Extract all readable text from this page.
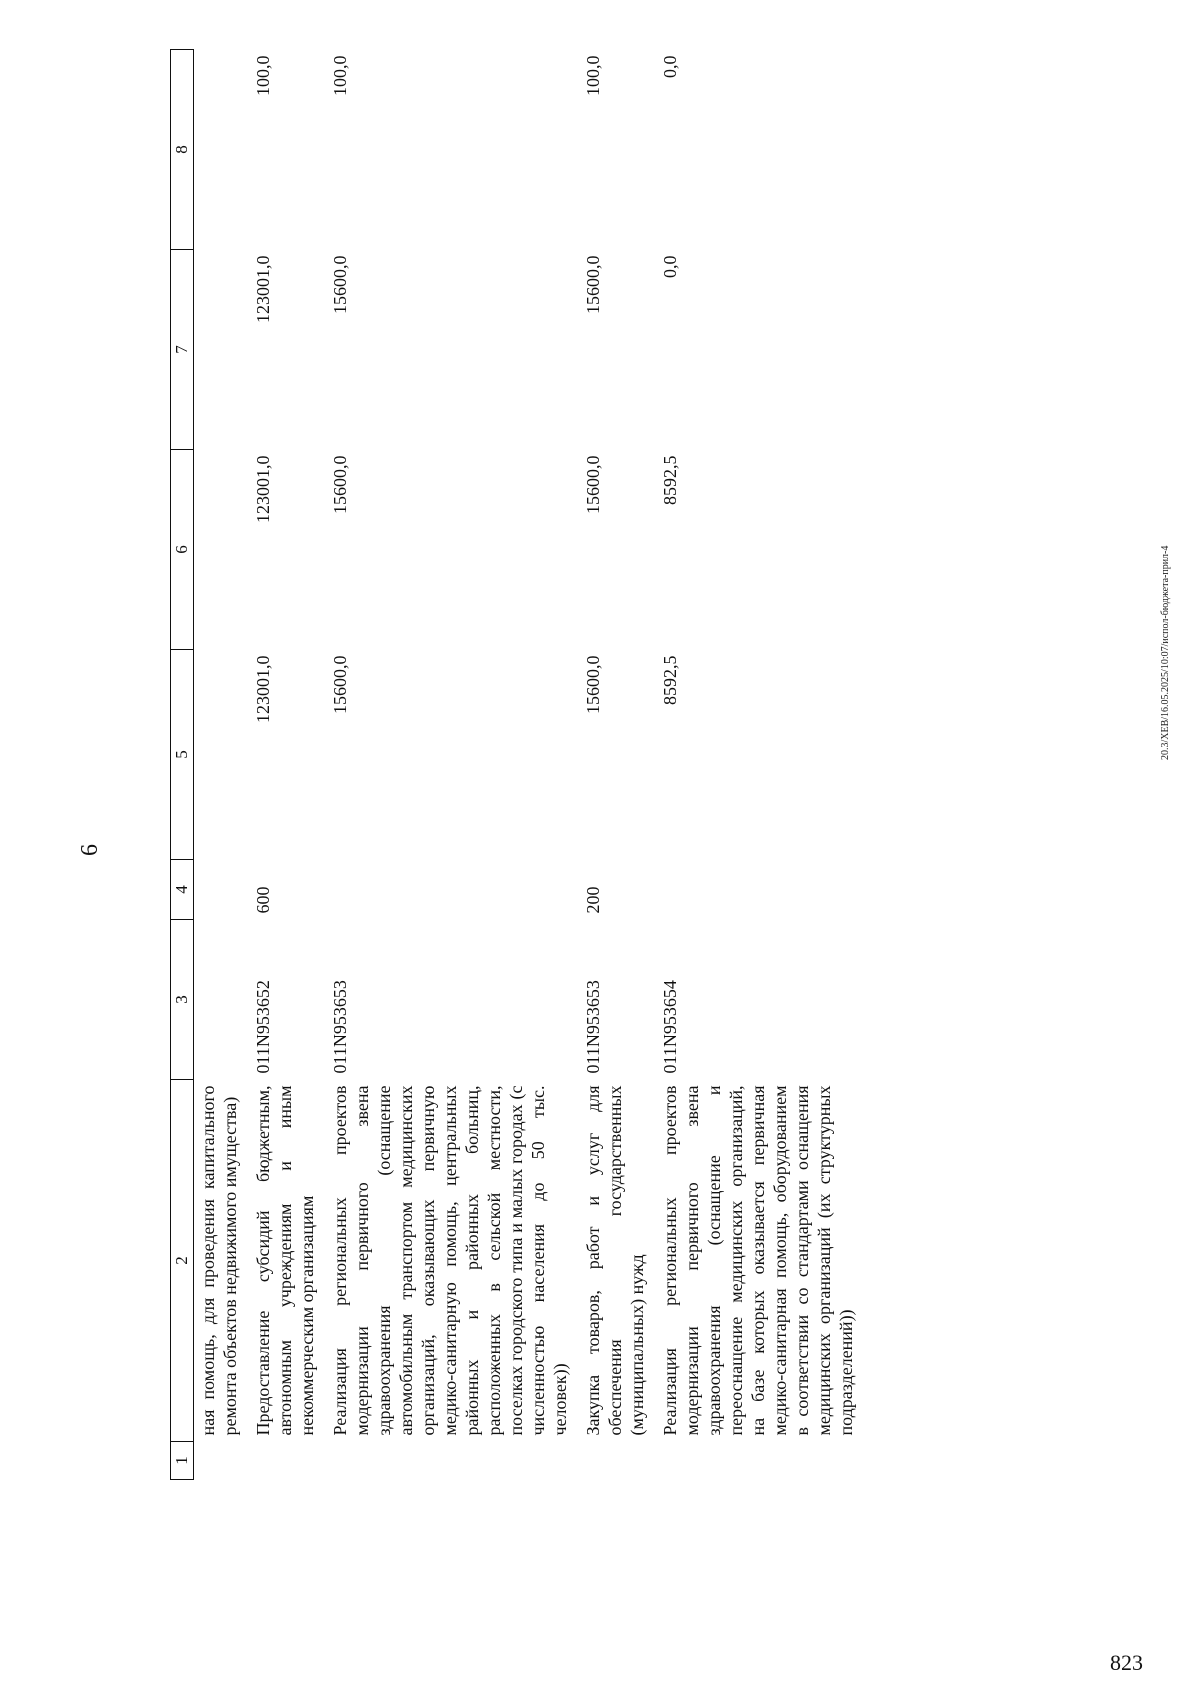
6
20.3/XEB/16.05.2025/10:07/испол-бюджета-прил-4
823
1	2	3	4	5	6	7	8
	ная помощь, для проведения капитального ремонта объектов недвижимого имущества)						
	Предоставление субсидий бюджетным, автономным учреждениям и иным некоммерческим организациям	011N953652	600	123001,0	123001,0	123001,0	100,0
	Реализация региональных проектов модернизации первичного звена здравоохранения (оснащение автомобильным транспортом медицинских организаций, оказывающих первичную медико-санитарную помощь, центральных районных и районных больниц, расположенных в сельской местности, поселках городского типа и малых городах (с численностью населения до 50 тыс. человек))	011N953653		15600,0	15600,0	15600,0	100,0
	Закупка товаров, работ и услуг для обеспечения государственных (муниципальных) нужд	011N953653	200	15600,0	15600,0	15600,0	100,0
	Реализация региональных проектов модернизации первичного звена здравоохранения (оснащение и переоснащение медицинских организаций, на базе которых оказывается первичная медико-санитарная помощь, оборудованием в соответствии со стандартами оснащения медицинских организаций (их структурных подразделений))	011N953654		8592,5	8592,5	0,0	0,0
